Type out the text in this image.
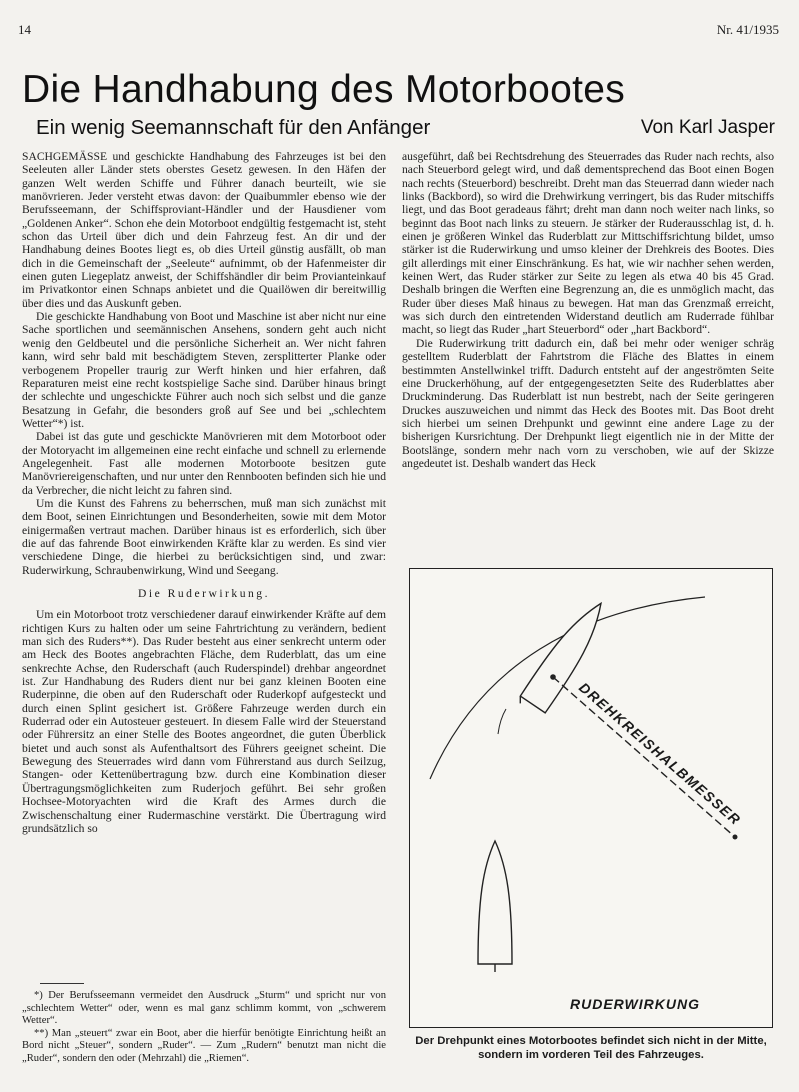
14	Nr. 41/1935
Die Handhabung des Motorbootes
Ein wenig Seemannschaft für den Anfänger	Von Karl Jasper

SACHGEMÄSSE und geschickte Handhabung des Fahrzeuges ist bei den Seeleuten aller Länder stets oberstes Gesetz gewesen. In den Häfen der ganzen Welt werden Schiffe und Führer danach beurteilt, wie sie manövrieren. Jeder versteht etwas davon: der Quaibummler ebenso wie der Berufsseemann, der Schiffsproviant-Händler und der Hausdiener vom „Goldenen Anker“. Schon ehe dein Motorboot endgültig festgemacht ist, steht schon das Urteil über dich und dein Fahrzeug fest. An dir und der Handhabung deines Bootes liegt es, ob dies Urteil günstig ausfällt, ob man dich in die Gemeinschaft der „Seeleute“ aufnimmt, ob der Hafenmeister dir einen guten Liegeplatz anweist, der Schiffshändler dir beim Provianteinkauf im Privatkontor einen Schnaps anbietet und die Quailöwen dir bereitwillig über dies und das Auskunft geben.

Die geschickte Handhabung von Boot und Maschine ist aber nicht nur eine Sache sportlichen und seemännischen Ansehens, sondern geht auch nicht wenig den Geldbeutel und die persönliche Sicherheit an. Wer nicht fahren kann, wird sehr bald mit beschädigtem Steven, zersplitterter Planke oder verbogenem Propeller traurig zur Werft hinken und hier erfahren, daß Reparaturen meist eine recht kostspielige Sache sind. Darüber hinaus bringt der schlechte und ungeschickte Führer auch noch sich selbst und die ganze Besatzung in Gefahr, die besonders groß auf See und bei „schlechtem Wetter“*) ist.

Dabei ist das gute und geschickte Manövrieren mit dem Motorboot oder der Motoryacht im allgemeinen eine recht einfache und schnell zu erlernende Angelegenheit. Fast alle modernen Motorboote besitzen gute Manövriereigenschaften, und nur unter den Rennbooten befinden sich hie und da Verbrecher, die nicht leicht zu fahren sind.

Um die Kunst des Fahrens zu beherrschen, muß man sich zunächst mit dem Boot, seinen Einrichtungen und Besonderheiten, sowie mit dem Motor einigermaßen vertraut machen. Darüber hinaus ist es erforderlich, sich über die auf das fahrende Boot einwirkenden Kräfte klar zu werden. Es sind vier verschiedene Dinge, die hierbei zu berücksichtigen sind, und zwar: Ruderwirkung, Schraubenwirkung, Wind und Seegang.

Die Ruderwirkung.

Um ein Motorboot trotz verschiedener darauf einwirkender Kräfte auf dem richtigen Kurs zu halten oder um seine Fahrtrichtung zu verändern, bedient man sich des Ruders**). Das Ruder besteht aus einer senkrecht unterm oder am Heck des Bootes angebrachten Fläche, dem Ruderblatt, das um eine senkrechte Achse, den Ruderschaft (auch Ruderspindel) drehbar angeordnet ist. Zur Handhabung des Ruders dient nur bei ganz kleinen Booten eine Ruderpinne, die oben auf den Ruderschaft oder Ruderkopf aufgesteckt und durch einen Splint gesichert ist. Größere Fahrzeuge werden durch ein Ruderrad oder ein Autosteuer gesteuert. In diesem Falle wird der Steuerstand oder Führersitz an einer Stelle des Bootes angeordnet, die guten Überblick bietet und auch sonst als Aufenthaltsort des Führers geeignet scheint. Die Bewegung des Steuerrades wird dann vom Führerstand aus durch Seilzug, Stangen- oder Kettenübertragung bzw. durch eine Kombination dieser Übertragungsmöglichkeiten zum Ruderjoch geführt. Bei sehr großen Hochsee-Motoryachten wird die Kraft des Armes durch die Zwischenschaltung einer Rudermaschine verstärkt. Die Übertragung wird grundsätzlich so

*) Der Berufsseemann vermeidet den Ausdruck „Sturm“ und spricht nur von „schlechtem Wetter“ oder, wenn es mal ganz schlimm kommt, von „schwerem Wetter“.

**) Man „steuert“ zwar ein Boot, aber die hierfür benötigte Einrichtung heißt an Bord nicht „Steuer“, sondern „Ruder“. — Zum „Rudern“ benutzt man nicht die „Ruder“, sondern den oder (Mehrzahl) die „Riemen“.

ausgeführt, daß bei Rechtsdrehung des Steuerrades das Ruder nach rechts, also nach Steuerbord gelegt wird, und daß dementsprechend das Boot einen Bogen nach rechts (Steuerbord) beschreibt. Dreht man das Steuerrad dann wieder nach links (Backbord), so wird die Drehwirkung verringert, bis das Ruder mitschiffs liegt, und das Boot geradeaus fährt; dreht man dann noch weiter nach links, so beginnt das Boot nach links zu steuern. Je stärker der Ruderausschlag ist, d. h. einen je größeren Winkel das Ruderblatt zur Mittschiffsrichtung bildet, umso stärker ist die Ruderwirkung und umso kleiner der Drehkreis des Bootes. Dies gilt allerdings mit einer Einschränkung. Es hat, wie wir nachher sehen werden, keinen Wert, das Ruder stärker zur Seite zu legen als etwa 40 bis 45 Grad. Deshalb bringen die Werften eine Begrenzung an, die es unmöglich macht, das Ruder über dieses Maß hinaus zu bewegen. Hat man das Grenzmaß erreicht, was sich durch den eintretenden Widerstand deutlich am Ruderrade fühlbar macht, so liegt das Ruder „hart Steuerbord“ oder „hart Backbord“.

Die Ruderwirkung tritt dadurch ein, daß bei mehr oder weniger schräg gestelltem Ruderblatt der Fahrtstrom die Fläche des Blattes in einem bestimmten Anstellwinkel trifft. Dadurch entsteht auf der angeströmten Seite eine Druckerhöhung, auf der entgegengesetzten Seite des Ruderblattes aber Druckminderung. Das Ruderblatt ist nun bestrebt, nach der Seite geringeren Druckes auszuweichen und nimmt das Heck des Bootes mit. Das Boot dreht sich hierbei um seinen Drehpunkt und gewinnt eine andere Lage zu der bisherigen Kursrichtung. Der Drehpunkt liegt eigentlich nie in der Mitte der Bootslänge, sondern mehr nach vorn zu verschoben, wie auf der Skizze angedeutet ist. Deshalb wandert das Heck

DREHKREISHALBMESSER
RUDERWIRKUNG
Der Drehpunkt eines Motorbootes befindet sich nicht in der Mitte, sondern im vorderen Teil des Fahrzeuges.
